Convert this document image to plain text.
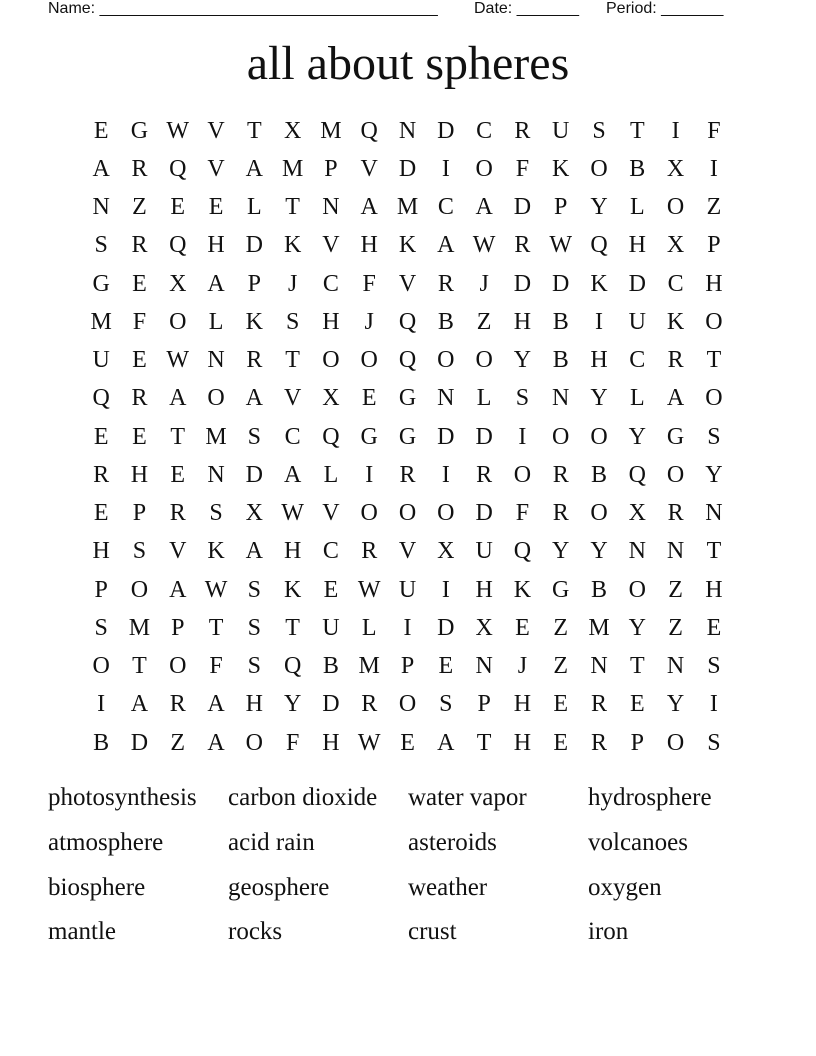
Name: ______________________________________ Date: _______ Period: _______
all about spheres
E G W V T X M Q N D C R U S	T	I	F
A R Q V A M P V D	I	O F K O B X	I
N Z E E L T N A M C A D P Y L O Z
S R Q H D K V H K A W R W Q H X P
G E X A P	J	C F V R	J	D D K D C H
M F O L K S H	J	Q B Z H B	I	U K O
U E W N R T O O Q O O Y B H C R T
Q R A O A V X E G N L	S N Y L A O
E E T M S C Q G G D D	I	O O Y G S
R H E N D A L	I	R	I	R O R B Q O Y
E	P R S X W V O O O D F R O X R N
H S V K A H C R V X U Q Y Y N N T
P O A W S K E W U	I	H K G B O Z H
S M P	T	S	T U L	I	D X E Z M Y Z E
O T O F	S Q B M P	E N	J	Z N T N S
I	A R A H Y D R O S	P H E R E Y	I
B D Z A O F H W E A T H E R P O S
photosynthesis	carbon dioxide	water vapor	hydrosphere
atmosphere	acid rain	asteroids	volcanoes
biosphere	geosphere	weather	oxygen
mantle	rocks	crust	iron
